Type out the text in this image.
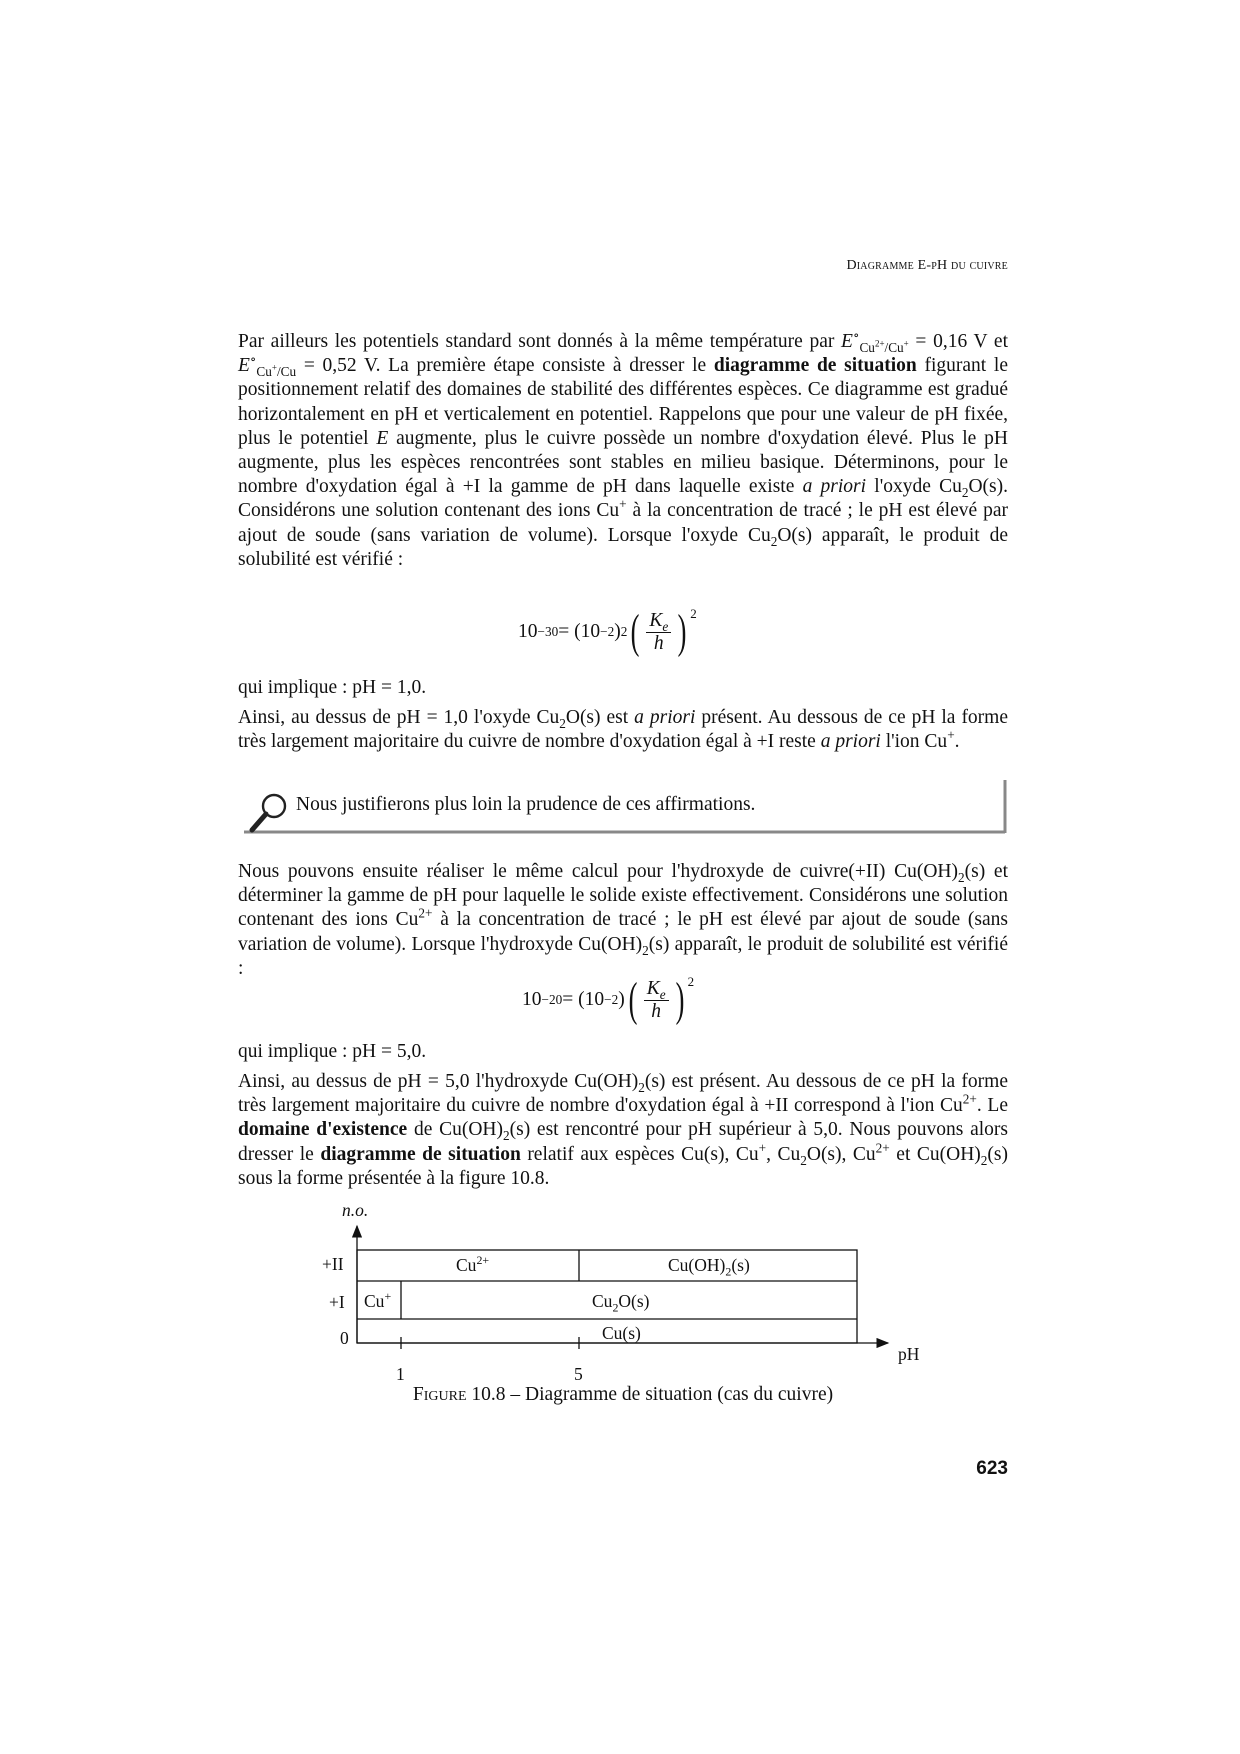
Diagramme E-pH du cuivre

Par ailleurs les potentiels standard sont donnés à la même température par $E^\circ_{Cu^{2+}/Cu^+} = 0,16$ V et $E^\circ_{Cu^+/Cu} = 0,52$ V. La première étape consiste à dresser le diagramme de situation figurant le positionnement relatif des domaines de stabilité des différentes espèces. Ce diagramme est gradué horizontalement en pH et verticalement en potentiel. Rappelons que pour une valeur de pH fixée, plus le potentiel E augmente, plus le cuivre possède un nombre d'oxydation élevé. Plus le pH augmente, plus les espèces rencontrées sont stables en milieu basique. Déterminons, pour le nombre d'oxydation égal à +I la gamme de pH dans laquelle existe a priori l'oxyde $Cu_2O(s)$. Considérons une solution contenant des ions Cu+ à la concentration de tracé ; le pH est élevé par ajout de soude (sans variation de volume). Lorsque l'oxyde $Cu_2O(s)$ apparaît, le produit de solubilité est vérifié :

10 −30 = (10 −2 ) 2 ( $\frac{K_e}{h}$ ) $^2$

qui implique : pH = 1,0.

Ainsi, au dessus de pH = 1,0 l'oxyde $Cu_2O(s)$ est a priori présent. Au dessous de ce pH la forme très largement majoritaire du cuivre de nombre d'oxydation égal à +I reste a priori l'ion Cu+.

Nous justifierons plus loin la prudence de ces affirmations.

Nous pouvons ensuite réaliser le même calcul pour l'hydroxyde de cuivre(+II) $Cu(OH)_2(s)$ et déterminer la gamme de pH pour laquelle le solide existe effectivement. Considérons une solution contenant des ions $Cu^{2+}$ à la concentration de tracé ; le pH est élevé par ajout de soude (sans variation de volume). Lorsque l'hydroxyde $Cu(OH)_2(s)$ apparaît, le produit de solubilité est vérifié :

10 −20 = (10 −2 ) ( $\frac{K_e}{h}$ ) $^2$

qui implique : pH = 5,0.

Ainsi, au dessus de pH = 5,0 l'hydroxyde $Cu(OH)_2(s)$ est présent. Au dessous de ce pH la forme très largement majoritaire du cuivre de nombre d'oxydation égal à +II correspond à l'ion $Cu^{2+}$. Le domaine d'existence de $Cu(OH)_2(s)$ est rencontré pour pH supérieur à 5,0. Nous pouvons alors dresser le diagramme de situation relatif aux espèces Cu(s), Cu+, $Cu_2O(s)$, $Cu^{2+}$ et $Cu(OH)_2(s)$ sous la forme présentée à la figure 10.8.

n.o.
pH
+II
+I
0
1	5
$Cu^{2+}$	$Cu(OH)_2(s)$
Cu+	$Cu_2O(s)$
Cu(s)
Figure 10.8 – Diagramme de situation (cas du cuivre)
623
